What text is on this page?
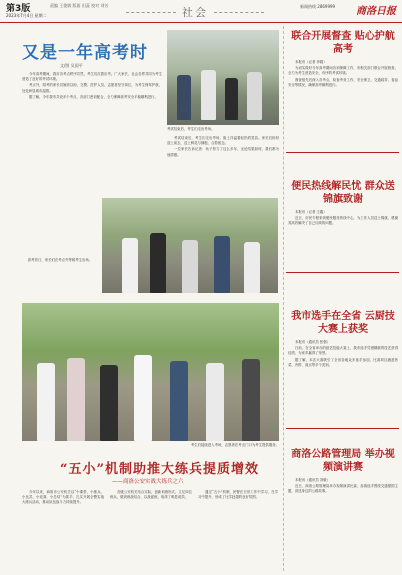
第3版	责编 王俊敏 版面 田蕊 校对 刘芳
2023年7月4日 星期二	社会	新闻热线 2869999 商洛日报
又是一年高考时
文/图 吴国平

今年高考期间，我市各考点秩序井然，考生们沉着应考。广大家长、社会各界共同为考生营造了良好的考试环境。

考点外，陪考的家长们翘首以盼，交警、医护人员、志愿者坚守岗位，为考生保驾护航，处处彰显城市温情。

据了解，今年我市共设多个考点，各部门密切配合，全力保障高考安全平稳顺利进行。

考试结束后，考生们走出考场。

考试结束后，考生们走出考场，脸上洋溢着轻松的笑容。家长们纷纷迎上前去，送上鲜花与拥抱，合影留念。

一位家长告诉记者：孩子努力了这么多年，无论结果如何，我们都为他骄傲。

高考首日，家长们在考点外等候考生出场。
考生们陆续进入考场，志愿者在考点门口为考生提供服务。
“五小”机制助推大练兵提质增效
——商洛公安实战大练兵之六

今年以来，商洛市公安机关以“小课堂、小练兵、小比武、小竞赛、小总结”为抓手，扎实开展全警实战大练兵活动，推动队伍战斗力持续提升。

各级公安机关结合实际，创新训练形式，立足岗位练兵，做到练战结合、以战促练，取得了明显成效。

通过“五小”机制，民警在日常工作中学习、在学习中提升，形成了比学赶超的良好氛围。

联合开展督查 贴心护航高考

本报讯（记者 李娟）

为切实做好今年高考期间各项保障工作，市相关部门联合开展督查，全力为考生营造安全、有序的考试环境。

督查组先后深入各考点，检查考务工作、安全保卫、交通疏导、食品安全等情况，确保高考顺利进行。

便民热线解民忧 群众送锦旗致谢

本报讯（记者 王鑫）

近日，市民专程来到便民服务热线中心，为工作人员送上锦旗，感谢其高效解决了自己反映的问题。

我市选手在全省 云厨技大赛上获奖

本报讯（通讯员 张强）

日前，在全省举办的厨艺技能大赛上，我市选手凭借精湛的技艺获得佳绩，为家乡赢得了荣誉。

据了解，本次大赛吸引了全省各地众多选手参加，比赛项目涵盖热菜、冷拼、面点等多个类别。

商洛公路管理局 举办视频演讲赛

本报讯（通讯员 刘敏）

近日，商洛公路管理局举办视频演讲比赛，参赛选手围绕交通强国主题，讲述身边的公路故事。
